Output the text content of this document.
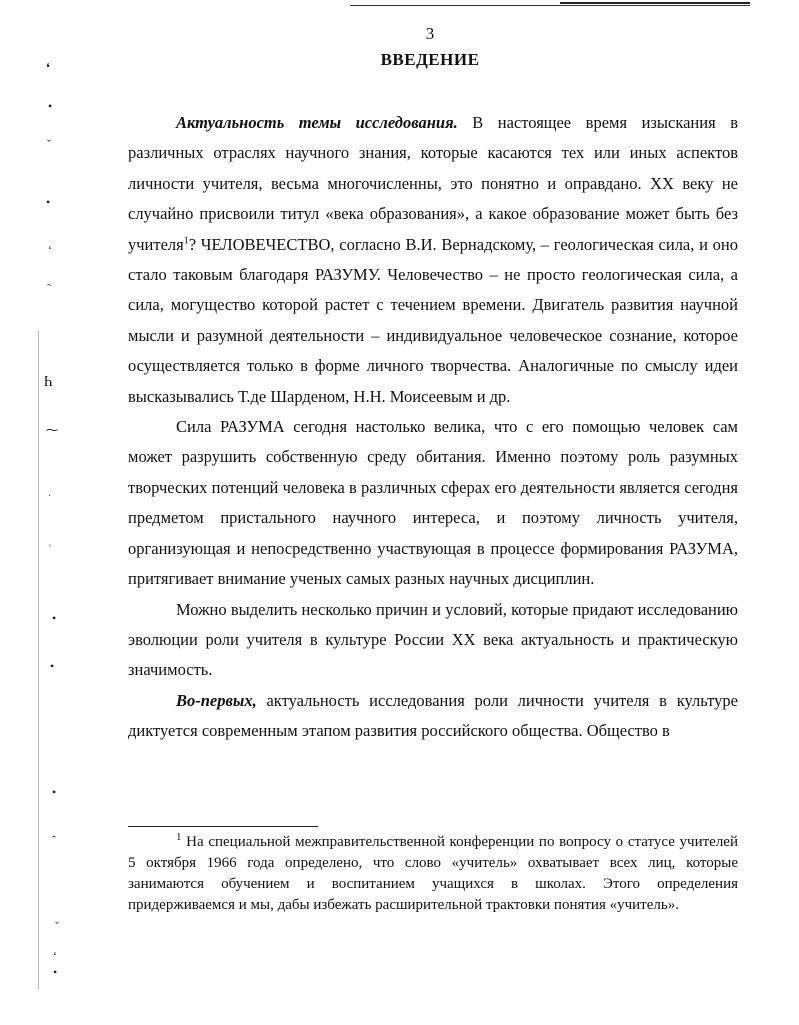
❛
•
ˇ
•
ʻ
˜
Ⴙ
⁓
ˑ
ˌ
•
•
•
ˆ
ˇ
ʻ
•
3
ВВЕДЕНИЕ

Актуальность темы исследования. В настоящее время изыскания в различных отраслях научного знания, которые касаются тех или иных аспектов личности учителя, весьма многочисленны, это понятно и оправдано. XX веку не случайно присвоили титул «века образования», а какое образование может быть без учителя$^1$? ЧЕЛОВЕЧЕСТВО, согласно В.И. Вернадскому, – геологическая сила, и оно стало таковым благодаря РАЗУМУ. Человечество – не просто геологическая сила, а сила, могущество которой растет с течением времени. Двигатель развития научной мысли и разумной деятельности – индивидуальное человеческое сознание, которое осуществляется только в форме личного творчества. Аналогичные по смыслу идеи высказывались Т.де Шарденом, Н.Н. Моисеевым и др.

Сила РАЗУМА сегодня настолько велика, что с его помощью человек сам может разрушить собственную среду обитания. Именно поэтому роль разумных творческих потенций человека в различных сферах его деятельности является сегодня предметом пристального научного интереса, и поэтому личность учителя, организующая и непосредственно участвующая в процессе формирования РАЗУМА, притягивает внимание ученых самых разных научных дисциплин.

Можно выделить несколько причин и условий, которые придают исследованию эволюции роли учителя в культуре России XX века актуальность и практическую значимость.

Во-первых, актуальность исследования роли личности учителя в культуре диктуется современным этапом развития российского общества. Общество в

$^1$ На специальной межправительственной конференции по вопросу о статусе учителей 5 октября 1966 года определено, что слово «учитель» охватывает всех лиц, которые занимаются обучением и воспитанием учащихся в школах. Этого определения придерживаемся и мы, дабы избежать расширительной трактовки понятия «учитель».
